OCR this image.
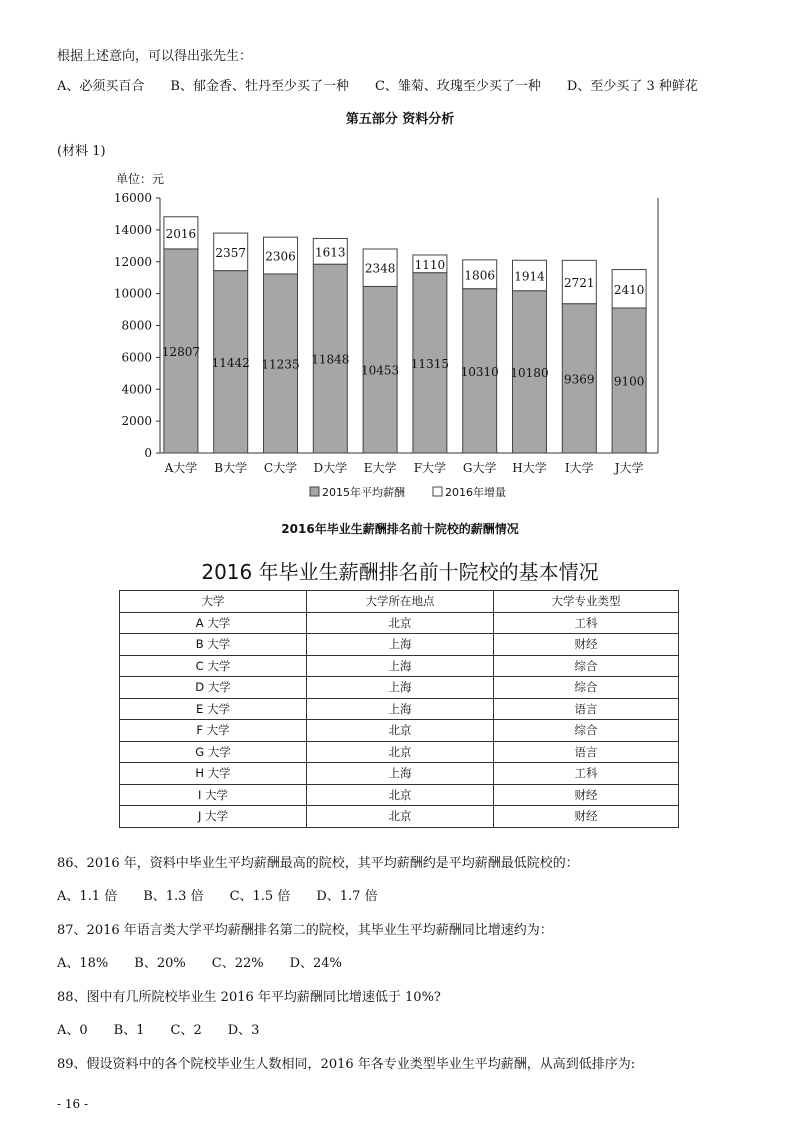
根据上述意向，可以得出张先生：
A、必须买百合 B、郁金香、牡丹至少买了一种 C、雏菊、玫瑰至少买了一种 D、至少买了 3 种鲜花
第五部分 资料分析
(材料 1)
单位：元
0
2000
4000
6000
8000
10000
12000
14000
16000
12807
2016
A大学
11442
2357
B大学
11235
2306
C大学
11848
1613
D大学
10453
2348
E大学
11315
1110
F大学
10310
1806
G大学
10180
1914
H大学
9369
2721
I大学
9100
2410
J大学
2015年平均薪酬	2016年增量
2016年毕业生薪酬排名前十院校的薪酬情况
2016 年毕业生薪酬排名前十院校的基本情况
大学	大学所在地点	大学专业类型
A 大学	北京	工科
B 大学	上海	财经
C 大学	上海	综合
D 大学	上海	综合
E 大学	上海	语言
F 大学	北京	综合
G 大学	北京	语言
H 大学	上海	工科
I 大学	北京	财经
J 大学	北京	财经
86、2016 年，资料中毕业生平均薪酬最高的院校，其平均薪酬约是平均薪酬最低院校的：
A、1.1 倍 B、1.3 倍 C、1.5 倍 D、1.7 倍
87、2016 年语言类大学平均薪酬排名第二的院校，其毕业生平均薪酬同比增速约为：
A、18% B、20% C、22% D、24%
88、图中有几所院校毕业生 2016 年平均薪酬同比增速低于 10%?
A、0 B、1 C、2 D、3
89、假设资料中的各个院校毕业生人数相同，2016 年各专业类型毕业生平均薪酬，从高到低排序为:
- 16 -
